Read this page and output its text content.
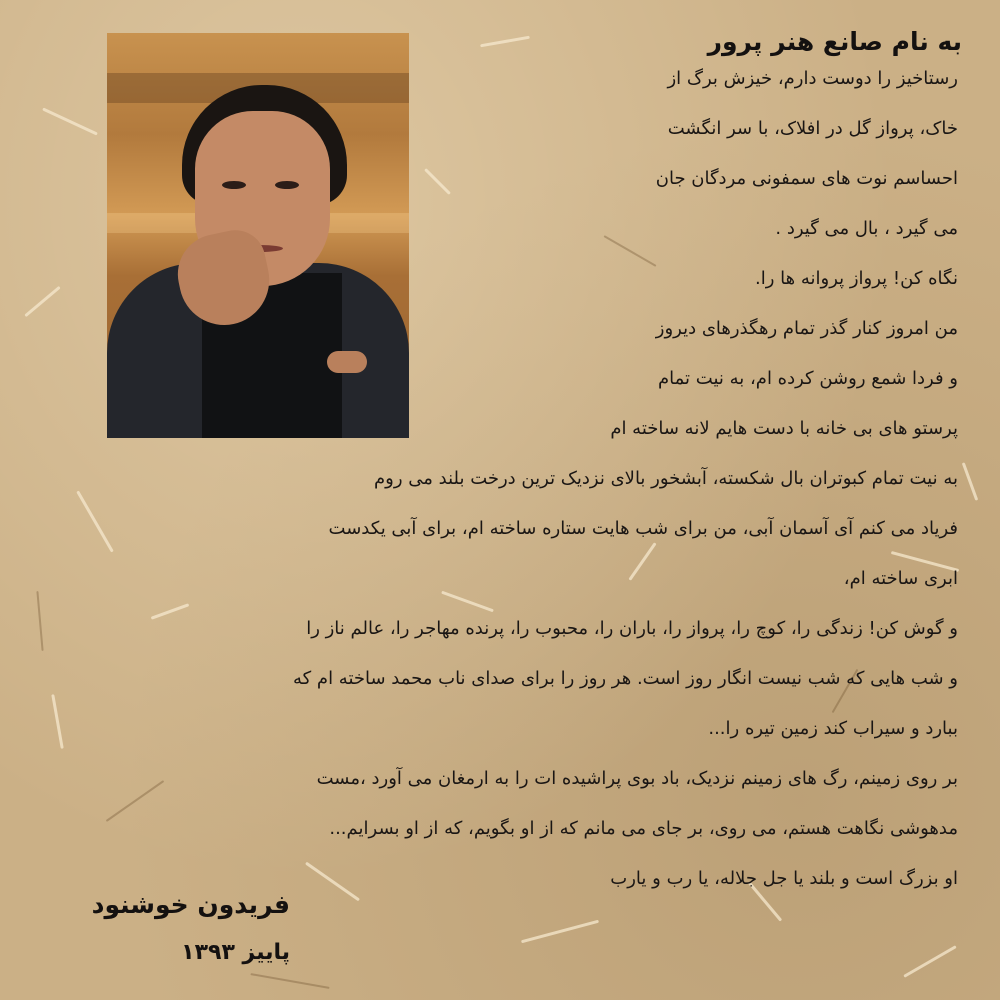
به نام صانع هنر پرور
رستاخیز را دوست دارم، خیزش برگ از
خاک، پرواز گل در افلاک، با سر انگشت
احساسم نوت های سمفونی مردگان جان
می گیرد ، بال می گیرد .
نگاه کن! پرواز پروانه ها را.
من امروز کنار گذر تمام رهگذرهای دیروز
و فردا شمع روشن کرده ام، به نیت تمام
پرستو های بی خانه با دست هایم لانه ساخته ام
به نیت تمام کبوتران بال شکسته، آبشخور بالای نزدیک ترین درخت بلند می روم
فریاد می کنم آی آسمان آبی، من برای شب هایت ستاره ساخته ام، برای آبی یکدست
ابری ساخته ام،
و گوش کن! زندگی را، کوچ را، پرواز را، باران را، محبوب را، پرنده مهاجر را، عالم ناز را
و شب هایی که شب نیست انگار روز است. هر روز را برای صدای ناب محمد ساخته ام که
ببارد و سیراب کند زمین تیره را...
بر روی زمینم، رگ های زمینم نزدیک، باد بوی پراشیده ات را به ارمغان می آورد ،مست
مدهوشی نگاهت هستم، می روی، بر جای می مانم که از او بگویم، که از او بسرایم...
او بزرگ است و بلند یا جل جلاله، یا رب و یارب
فریدون خوشنود
پاییز ۱۳۹۳
